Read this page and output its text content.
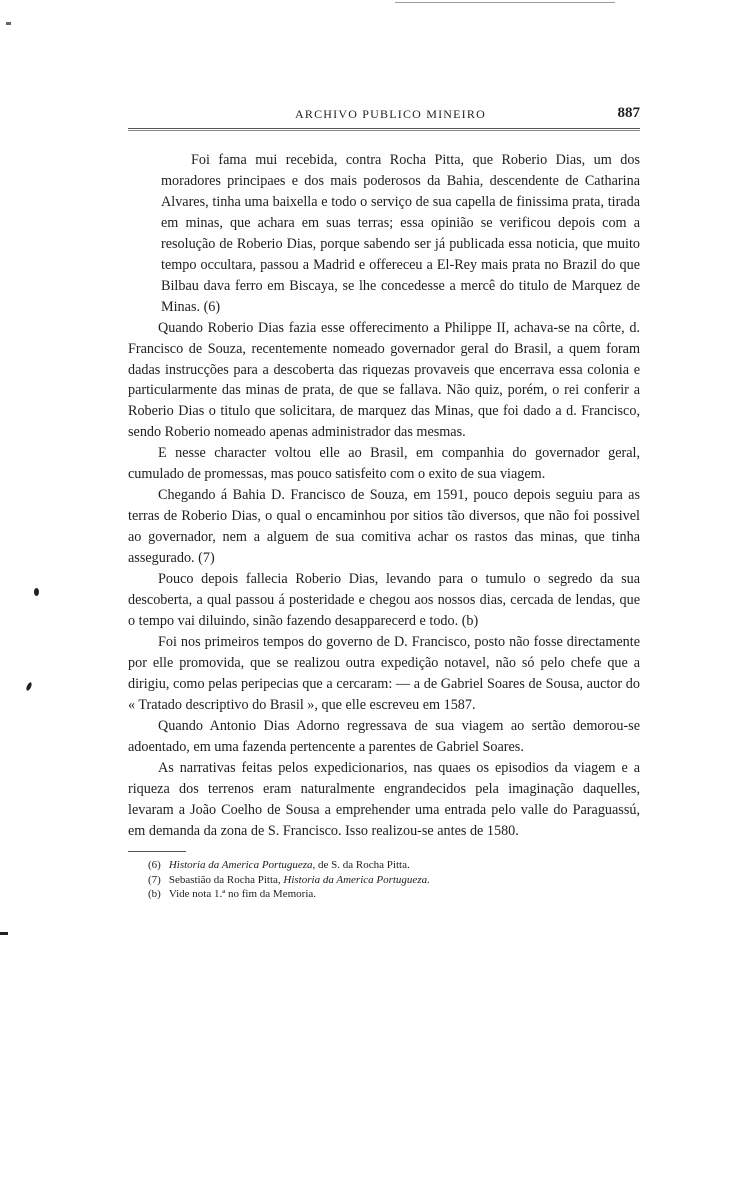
ARCHIVO PUBLICO MINEIRO	887

Foi fama mui recebida, contra Rocha Pitta, que Roberio Dias, um dos moradores principaes e dos mais poderosos da Bahia, descendente de Catharina Alvares, tinha uma baixella e todo o serviço de sua capella de finissima prata, tirada em minas, que achara em suas terras; essa opinião se verificou depois com a resolução de Roberio Dias, porque sabendo ser já publicada essa noticia, que muito tempo occultara, passou a Madrid e offereceu a El-Rey mais prata no Brazil do que Bilbau dava ferro em Biscaya, se lhe concedesse a mercê do titulo de Marquez de Minas. (6)

Quando Roberio Dias fazia esse offerecimento a Philippe II, achava-se na côrte, d. Francisco de Souza, recentemente nomeado governador geral do Brasil, a quem foram dadas instrucções para a descoberta das riquezas provaveis que encerrava essa colonia e particularmente das minas de prata, de que se fallava. Não quiz, porém, o rei conferir a Roberio Dias o titulo que solicitara, de marquez das Minas, que foi dado a d. Francisco, sendo Roberio nomeado apenas administrador das mesmas.

E nesse character voltou elle ao Brasil, em companhia do governador geral, cumulado de promessas, mas pouco satisfeito com o exito de sua viagem.

Chegando á Bahia D. Francisco de Souza, em 1591, pouco depois seguiu para as terras de Roberio Dias, o qual o encaminhou por sitios tão diversos, que não foi possivel ao governador, nem a alguem de sua comitiva achar os rastos das minas, que tinha assegurado. (7)

Pouco depois fallecia Roberio Dias, levando para o tumulo o segredo da sua descoberta, a qual passou á posteridade e chegou aos nossos dias, cercada de lendas, que o tempo vai diluindo, sinão fazendo desapparecerd e todo. (b)

Foi nos primeiros tempos do governo de D. Francisco, posto não fosse directamente por elle promovida, que se realizou outra expedição notavel, não só pelo chefe que a dirigiu, como pelas peripecias que a cercaram: — a de Gabriel Soares de Sousa, auctor do « Tratado descriptivo do Brasil », que elle escreveu em 1587.

Quando Antonio Dias Adorno regressava de sua viagem ao sertão demorou-se adoentado, em uma fazenda pertencente a parentes de Gabriel Soares.

As narrativas feitas pelos expedicionarios, nas quaes os episodios da viagem e a riqueza dos terrenos eram naturalmente engrandecidos pela imaginação daquelles, levaram a João Coelho de Sousa a emprehender uma entrada pelo valle do Paraguassú, em demanda da zona de S. Francisco. Isso realizou-se antes de 1580.

(6) Historia da America Portugueza, de S. da Rocha Pitta.

(7) Sebastião da Rocha Pitta, Historia da America Portugueza.

(b) Vide nota 1.ª no fim da Memoria.
